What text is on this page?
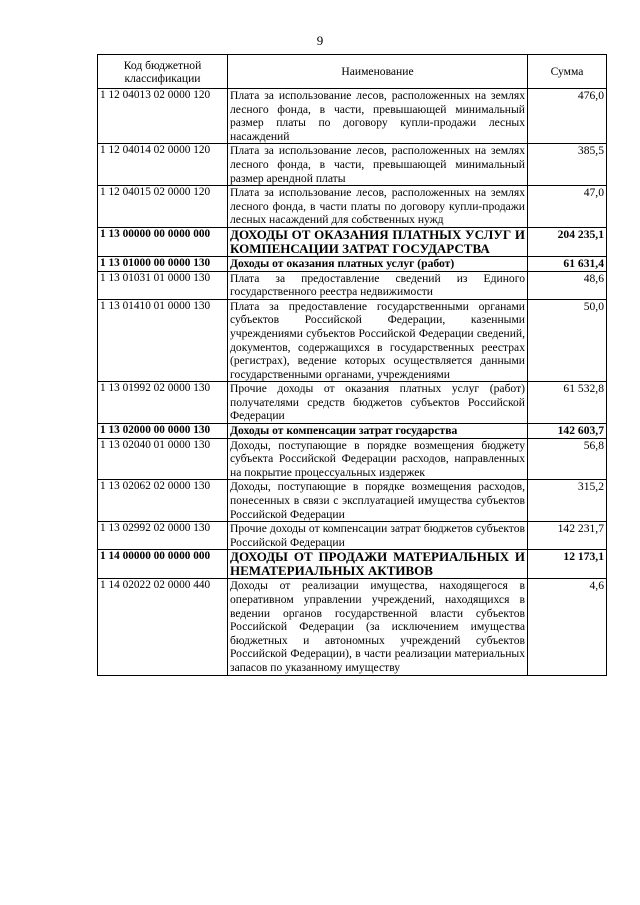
9
Код бюджетной классификации	Наименование	Сумма
1 12 04013 02 0000 120	Плата за использование лесов, расположенных на землях лесного фонда, в части, превышающей минимальный размер платы по договору купли-продажи лесных насаждений	476,0
1 12 04014 02 0000 120	Плата за использование лесов, расположенных на землях лесного фонда, в части, превышающей минимальный размер арендной платы	385,5
1 12 04015 02 0000 120	Плата за использование лесов, расположенных на землях лесного фонда, в части платы по договору купли-продажи лесных насаждений для собственных нужд	47,0
1 13 00000 00 0000 000	ДОХОДЫ ОТ ОКАЗАНИЯ ПЛАТНЫХ УСЛУГ И КОМПЕНСАЦИИ ЗАТРАТ ГОСУДАРСТВА	204 235,1
1 13 01000 00 0000 130	Доходы от оказания платных услуг (работ)	61 631,4
1 13 01031 01 0000 130	Плата за предоставление сведений из Единого государственного реестра недвижимости	48,6
1 13 01410 01 0000 130	Плата за предоставление государственными органами субъектов Российской Федерации, казенными учреждениями субъектов Российской Федерации сведений, документов, содержащихся в государственных реестрах (регистрах), ведение которых осуществляется данными государственными органами, учреждениями	50,0
1 13 01992 02 0000 130	Прочие доходы от оказания платных услуг (работ) получателями средств бюджетов субъектов Российской Федерации	61 532,8
1 13 02000 00 0000 130	Доходы от компенсации затрат государства	142 603,7
1 13 02040 01 0000 130	Доходы, поступающие в порядке возмещения бюджету субъекта Российской Федерации расходов, направленных на покрытие процессуальных издержек	56,8
1 13 02062 02 0000 130	Доходы, поступающие в порядке возмещения расходов, понесенных в связи с эксплуатацией имущества субъектов Российской Федерации	315,2
1 13 02992 02 0000 130	Прочие доходы от компенсации затрат бюджетов субъектов Российской Федерации	142 231,7
1 14 00000 00 0000 000	ДОХОДЫ ОТ ПРОДАЖИ МАТЕРИАЛЬНЫХ И НЕМАТЕРИАЛЬНЫХ АКТИВОВ	12 173,1
1 14 02022 02 0000 440	Доходы от реализации имущества, находящегося в оперативном управлении учреждений, находящихся в ведении органов государственной власти субъектов Российской Федерации (за исключением имущества бюджетных и автономных учреждений субъектов Российской Федерации), в части реализации материальных запасов по указанному имуществу	4,6
